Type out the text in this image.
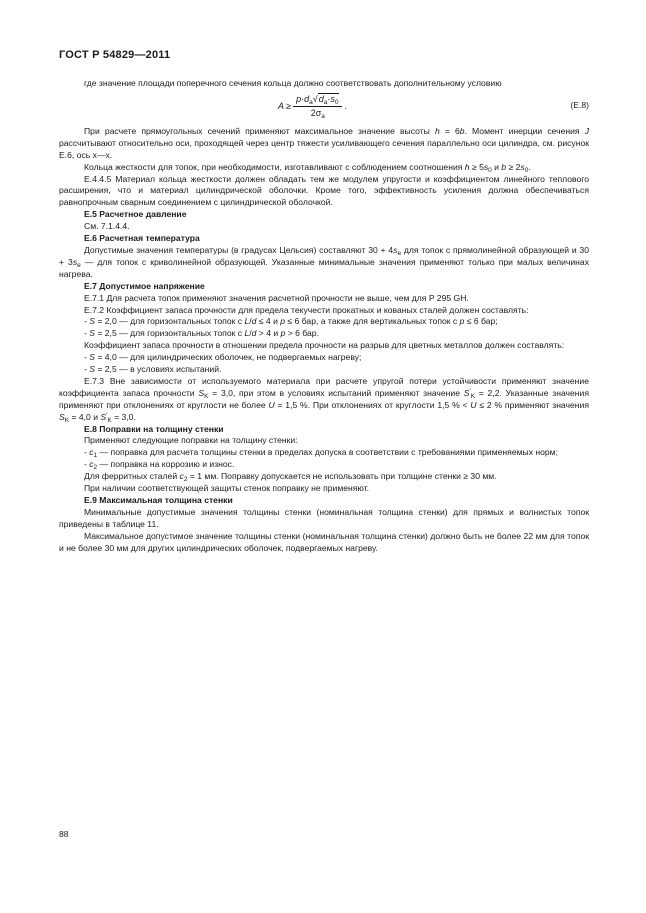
ГОСТ Р 54829—2011

где значение площади поперечного сечения кольца должно соответствовать дополнительному условию

$A \ge \frac{p\cdot d_a√d_a\cdot s_0}{2\sigma_a}$ .	(E.8)

При расчете прямоугольных сечений применяют максимальное значение высоты h = 6b. Момент инерции сечения J рассчитывают относительно оси, проходящей через центр тяжести усиливающего сечения параллельно оси цилиндра, см. рисунок Е.6, ось x—x.

Кольца жесткости для топок, при необходимости, изготавливают с соблюдением соотношения $h \ge 5s_0$ и $b \ge 2s_0$.

Е.4.4.5 Материал кольца жесткости должен обладать тем же модулем упругости и коэффициентом линейного теплового расширения, что и материал цилиндрической оболочки. Кроме того, эффективность усиления должна обеспечиваться равнопрочным сварным соединением с цилиндрической оболочкой.

Е.5 Расчетное давление

См. 7.1.4.4.

Е.6 Расчетная температура

Допустимые значения температуры (в градусах Цельсия) составляют $30 + 4s_e$ для топок с прямолинейной образующей и $30 + 3s_e$ — для топок с криволинейной образующей. Указанные минимальные значения применяют только при малых величинах нагрева.

Е.7 Допустимое напряжение

Е.7.1 Для расчета топок применяют значения расчетной прочности не выше, чем для P 295 GH.

Е.7.2 Коэффициент запаса прочности для предела текучести прокатных и кованых сталей должен составлять:

- S = 2,0 — для горизонтальных топок с L/d ≤ 4 и p ≤ 6 бар, а также для вертикальных топок с p ≤ 6 бар;

- S = 2,5 — для горизонтальных топок с L/d > 4 и p > 6 бар.

Коэффициент запаса прочности в отношении предела прочности на разрыв для цветных металлов должен составлять:

- S = 4,0 — для цилиндрических оболочек, не подвергаемых нагреву;

- S = 2,5 — в условиях испытаний.

Е.7.3 Вне зависимости от используемого материала при расчете упругой потери устойчивости применяют значение коэффициента запаса прочности $S_K = 3,0$, при этом в условиях испытаний применяют значение $S'_K = 2,2$. Указанные значения применяют при отклонениях от круглости не более U = 1,5 %. При отклонениях от круглости 1,5 % < U ≤ 2 % применяют значения $S_K = 4,0$ и $S'_K = 3,0$.

Е.8 Поправки на толщину стенки

Применяют следующие поправки на толщину стенки:

- $c_1$ — поправка для расчета толщины стенки в пределах допуска в соответствии с требованиями применяемых норм;

- $c_2$ — поправка на коррозию и износ.

Для ферритных сталей $c_2 = 1$ мм. Поправку допускается не использовать при толщине стенки ≥ 30 мм.

При наличии соответствующей защиты стенок поправку не применяют.

Е.9 Максимальная толщина стенки

Минимальные допустимые значения толщины стенки (номинальная толщина стенки) для прямых и волнистых топок приведены в таблице 11.

Максимальное допустимое значение толщины стенки (номинальная толщина стенки) должно быть не более 22 мм для топок и не более 30 мм для других цилиндрических оболочек, подвергаемых нагреву.

88
